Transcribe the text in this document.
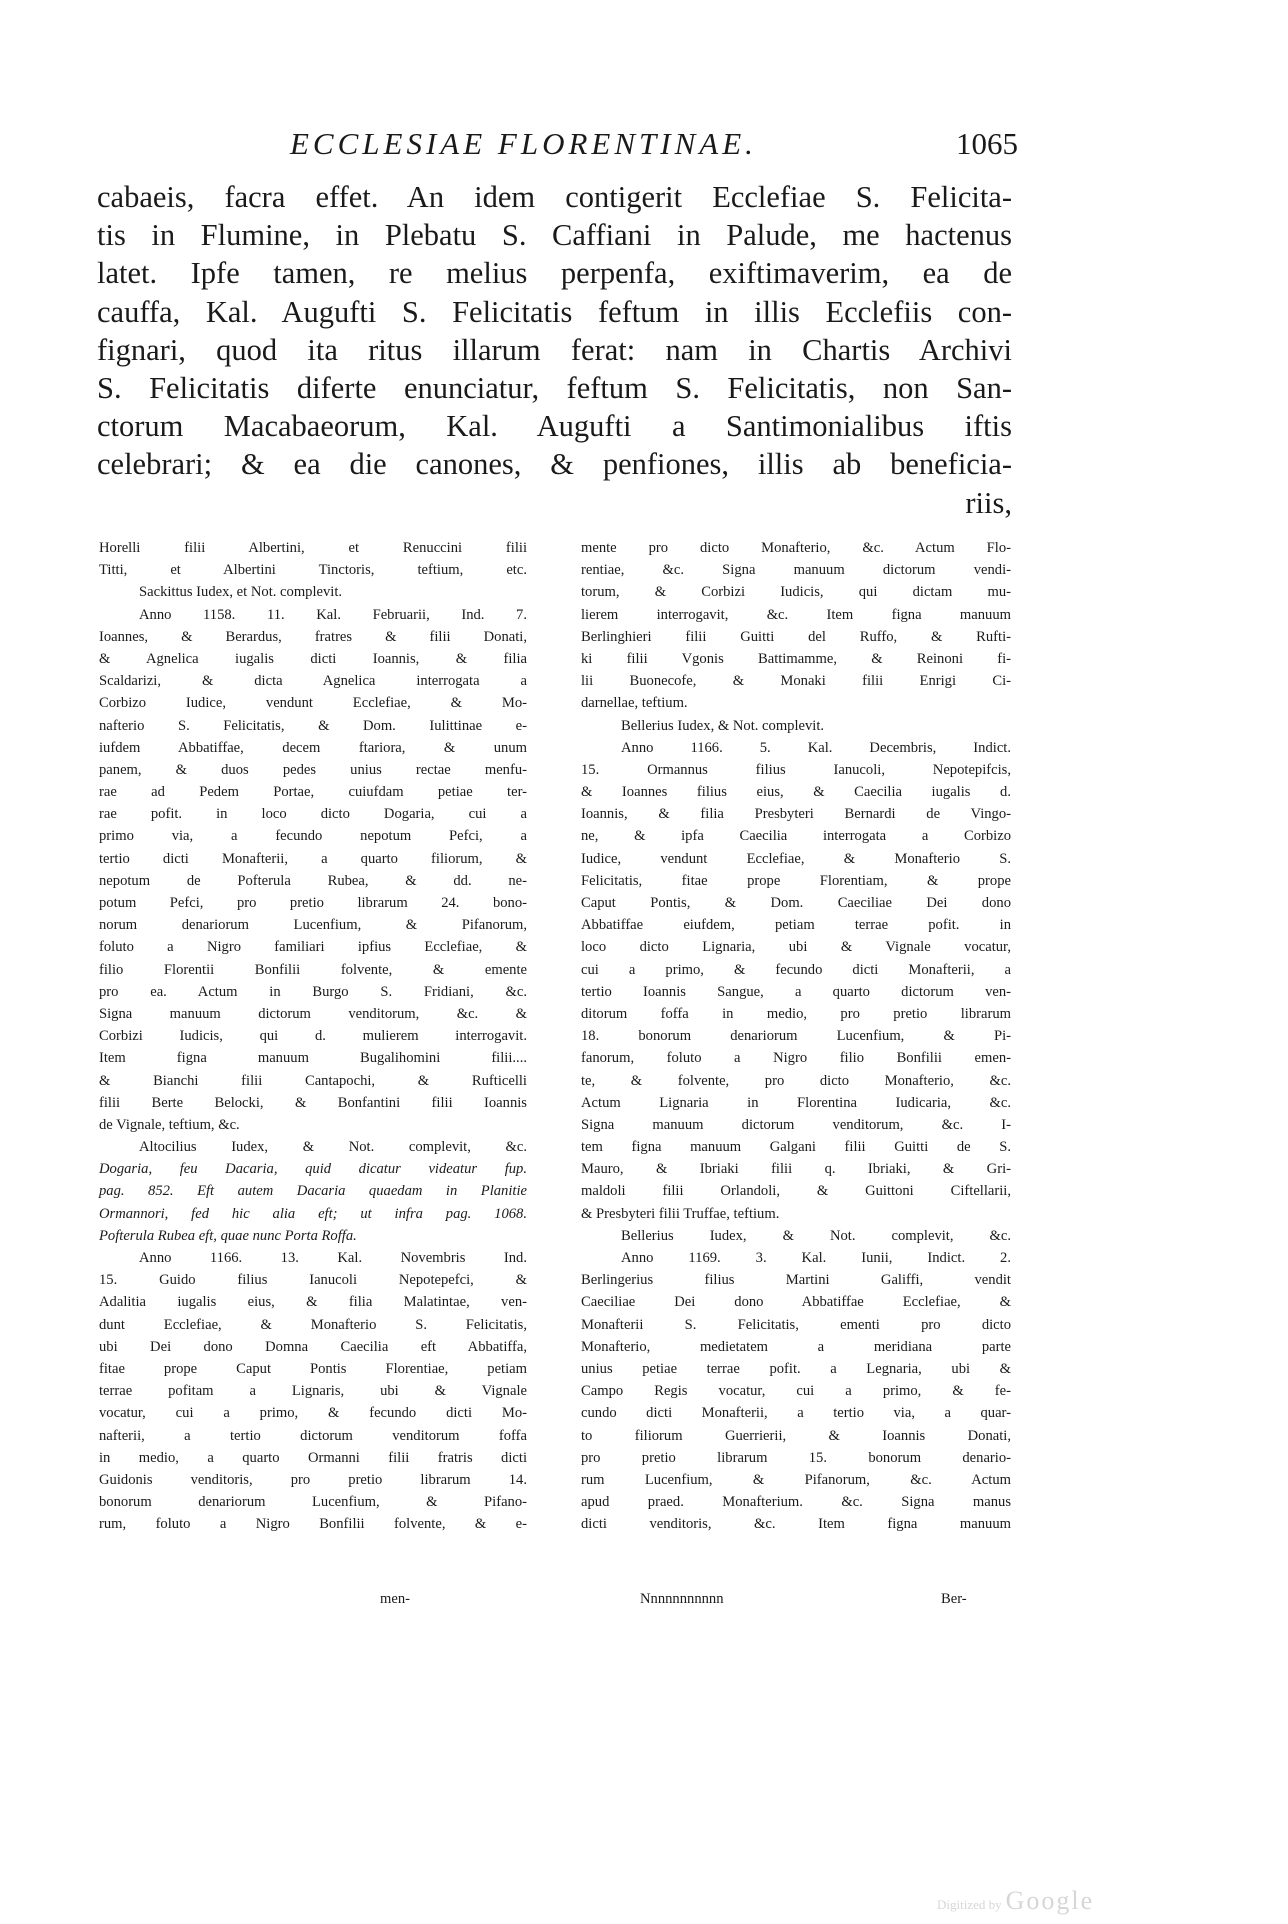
ECCLESIAE FLORENTINAE.	1065
cabaeis, facra effet. An idem contigerit Ecclefiae S. Felicita-
tis in Flumine, in Plebatu S. Caffiani in Palude, me hactenus
latet. Ipfe tamen, re melius perpenfa, exiftimaverim, ea de
cauffa, Kal. Augufti S. Felicitatis feftum in illis Ecclefiis con-
fignari, quod ita ritus illarum ferat: nam in Chartis Archivi
S. Felicitatis diferte enunciatur, feftum S. Felicitatis, non San-
ctorum Macabaeorum, Kal. Augufti a Santimonialibus iftis
celebrari; & ea die canones, & penfiones, illis ab beneficia-
riis,
Horelli filii Albertini, et Renuccini filii
Titti, et Albertini Tinctoris, teftium, etc.
Sackittus Iudex, et Not. complevit.
Anno 1158. 11. Kal. Februarii, Ind. 7.
Ioannes, & Berardus, fratres & filii Donati,
& Agnelica iugalis dicti Ioannis, & filia
Scaldarizi, & dicta Agnelica interrogata a
Corbizo Iudice, vendunt Ecclefiae, & Mo-
nafterio S. Felicitatis, & Dom. Iulittinae e-
iufdem Abbatiffae, decem ftariora, & unum
panem, & duos pedes unius rectae menfu-
rae ad Pedem Portae, cuiufdam petiae ter-
rae pofit. in loco dicto Dogaria, cui a
primo via, a fecundo nepotum Pefci, a
tertio dicti Monafterii, a quarto filiorum, &
nepotum de Pofterula Rubea, & dd. ne-
potum Pefci, pro pretio librarum 24. bono-
norum denariorum Lucenfium, & Pifanorum,
foluto a Nigro familiari ipfius Ecclefiae, &
filio Florentii Bonfilii folvente, & emente
pro ea. Actum in Burgo S. Fridiani, &c.
Signa manuum dictorum venditorum, &c. &
Corbizi Iudicis, qui d. mulierem interrogavit.
Item figna manuum Bugalihomini filii....
& Bianchi filii Cantapochi, & Rufticelli
filii Berte Belocki, & Bonfantini filii Ioannis
de Vignale, teftium, &c.
Altocilius Iudex, & Not. complevit, &c.
Dogaria, feu Dacaria, quid dicatur videatur fup.
pag. 852. Eft autem Dacaria quaedam in Planitie
Ormannori, fed hic alia eft; ut infra pag. 1068.
Pofterula Rubea eft, quae nunc Porta Roffa.
Anno 1166. 13. Kal. Novembris Ind.
15. Guido filius Ianucoli Nepotepefci, &
Adalitia iugalis eius, & filia Malatintae, ven-
dunt Ecclefiae, & Monafterio S. Felicitatis,
ubi Dei dono Domna Caecilia eft Abbatiffa,
fitae prope Caput Pontis Florentiae, petiam
terrae pofitam a Lignaris, ubi & Vignale
vocatur, cui a primo, & fecundo dicti Mo-
nafterii, a tertio dictorum venditorum foffa
in medio, a quarto Ormanni filii fratris dicti
Guidonis venditoris, pro pretio librarum 14.
bonorum denariorum Lucenfium, & Pifano-
rum, foluto a Nigro Bonfilii folvente, & e-
mente pro dicto Monafterio, &c. Actum Flo-
rentiae, &c. Signa manuum dictorum vendi-
torum, & Corbizi Iudicis, qui dictam mu-
lierem interrogavit, &c. Item figna manuum
Berlinghieri filii Guitti del Ruffo, & Rufti-
ki filii Vgonis Battimamme, & Reinoni fi-
lii Buonecofe, & Monaki filii Enrigi Ci-
darnellae, teftium.
Bellerius Iudex, & Not. complevit.
Anno 1166. 5. Kal. Decembris, Indict.
15. Ormannus filius Ianucoli, Nepotepifcis,
& Ioannes filius eius, & Caecilia iugalis d.
Ioannis, & filia Presbyteri Bernardi de Vingo-
ne, & ipfa Caecilia interrogata a Corbizo
Iudice, vendunt Ecclefiae, & Monafterio S.
Felicitatis, fitae prope Florentiam, & prope
Caput Pontis, & Dom. Caeciliae Dei dono
Abbatiffae eiufdem, petiam terrae pofit. in
loco dicto Lignaria, ubi & Vignale vocatur,
cui a primo, & fecundo dicti Monafterii, a
tertio Ioannis Sangue, a quarto dictorum ven-
ditorum foffa in medio, pro pretio librarum
18. bonorum denariorum Lucenfium, & Pi-
fanorum, foluto a Nigro filio Bonfilii emen-
te, & folvente, pro dicto Monafterio, &c.
Actum Lignaria in Florentina Iudicaria, &c.
Signa manuum dictorum venditorum, &c. I-
tem figna manuum Galgani filii Guitti de S.
Mauro, & Ibriaki filii q. Ibriaki, & Gri-
maldoli filii Orlandoli, & Guittoni Ciftellarii,
& Presbyteri filii Truffae, teftium.
Bellerius Iudex, & Not. complevit, &c.
Anno 1169. 3. Kal. Iunii, Indict. 2.
Berlingerius filius Martini Galiffi, vendit
Caeciliae Dei dono Abbatiffae Ecclefiae, &
Monafterii S. Felicitatis, ementi pro dicto
Monafterio, medietatem a meridiana parte
unius petiae terrae pofit. a Legnaria, ubi &
Campo Regis vocatur, cui a primo, & fe-
cundo dicti Monafterii, a tertio via, a quar-
to filiorum Guerrierii, & Ioannis Donati,
pro pretio librarum 15. bonorum denario-
rum Lucenfium, & Pifanorum, &c. Actum
apud praed. Monafterium. &c. Signa manus
dicti venditoris, &c. Item figna manuum
men-	Nnnnnnnnnnn	Ber-
Digitized by Google
